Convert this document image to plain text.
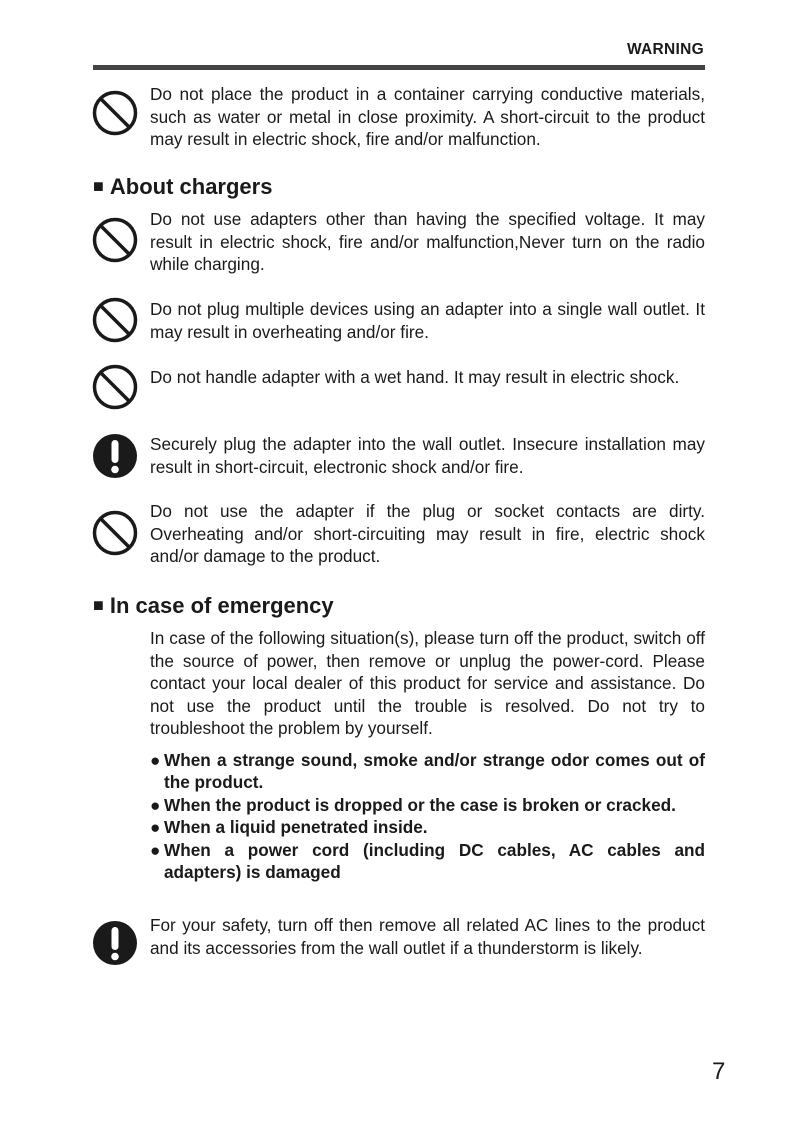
WARNING
Do not place the product in a container carrying conductive materials, such as water or metal in close proximity. A short-circuit to the product may result in electric shock, fire and/or malfunction.
■ About chargers
Do not use adapters other than having the specified voltage. It may result in electric shock, fire and/or malfunction,Never turn on the radio while charging.
Do not plug multiple devices using an adapter into a single wall outlet. It may result in overheating and/or fire.
Do not handle adapter with a wet hand. It may result in electric shock.
Securely plug the adapter into the wall outlet. Insecure installation may result in short-circuit, electronic shock and/or fire.
Do not use the adapter if the plug or socket contacts are dirty. Overheating and/or short-circuiting may result in fire, electric shock and/or damage to the product.
■ In case of emergency
In case of the following situation(s), please turn off the product, switch off the source of power, then remove or unplug the power-cord. Please contact your local dealer of this product for service and assistance. Do not use the product until the trouble is resolved. Do not try to troubleshoot the problem by yourself.
● When a strange sound, smoke and/or strange odor comes out of the product.
● When the product is dropped or the case is broken or cracked.
● When a liquid penetrated inside.
● When a power cord (including DC cables, AC cables and adapters) is damaged
For your safety, turn off then remove all related AC lines to the product and its accessories from the wall outlet if a thunderstorm is likely.
7
